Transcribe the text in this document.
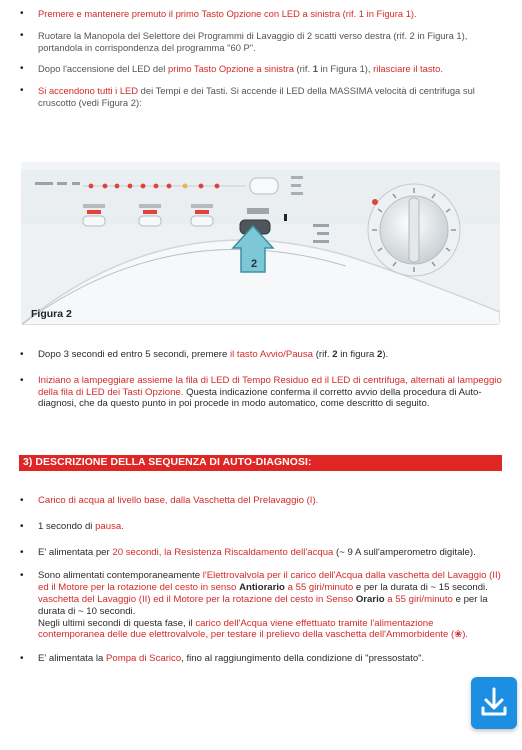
• Premere e mantenere premuto il primo Tasto Opzione con LED a sinistra (rif. 1 in Figura 1).
• Ruotare la Manopola del Selettore dei Programmi di Lavaggio di 2 scatti verso destra (rif. 2 in Figura 1), portandola in corrispondenza del programma "60 P".
• Dopo l'accensione del LED del primo Tasto Opzione a sinistra (rif. 1 in Figura 1), rilasciare il tasto.
• Si accendono tutti i LED dei Tempi e dei Tasti. Si accende il LED della MASSIMA velocità di centrifuga sul cruscotto (vedi Figura 2):
2
Figura 2
• Dopo 3 secondi ed entro 5 secondi, premere il tasto Avvio/Pausa (rif. 2 in figura 2).
• Iniziano a lampeggiare assieme la fila di LED di Tempo Residuo ed il LED di centrifuga, alternati al lampeggio della fila di LED dei Tasti Opzione. Questa indicazione conferma il corretto avvio della procedura di Auto-diagnosi, che da questo punto in poi procede in modo automatico, come descritto di seguito.
3) DESCRIZIONE DELLA SEQUENZA DI AUTO-DIAGNOSI:
• Carico di acqua al livello base, dalla Vaschetta del Prelavaggio (I).
• 1 secondo di pausa.
• E' alimentata per 20 secondi, la Resistenza Riscaldamento dell'acqua (~ 9 A sull'amperometro digitale).
• Sono alimentati contemporaneamente l'Elettrovalvola per il carico dell'Acqua dalla vaschetta del Lavaggio (II) ed il Motore per la rotazione del cesto in senso Antiorario a 55 giri/minuto e per la durata di ~ 15 secondi.
vaschetta del Lavaggio (II) ed il Motore per la rotazione del cesto in Senso Orario a 55 giri/minuto e per la durata di ~ 10 secondi.
Negli ultimi secondi di questa fase, il carico dell'Acqua viene effettuato tramite l'alimentazione contemporanea delle due elettrovalvole, per testare il prelievo della vaschetta dell'Ammorbidente (❀).
• E' alimentata la Pompa di Scarico, fino al raggiungimento della condizione di "pressostato".
